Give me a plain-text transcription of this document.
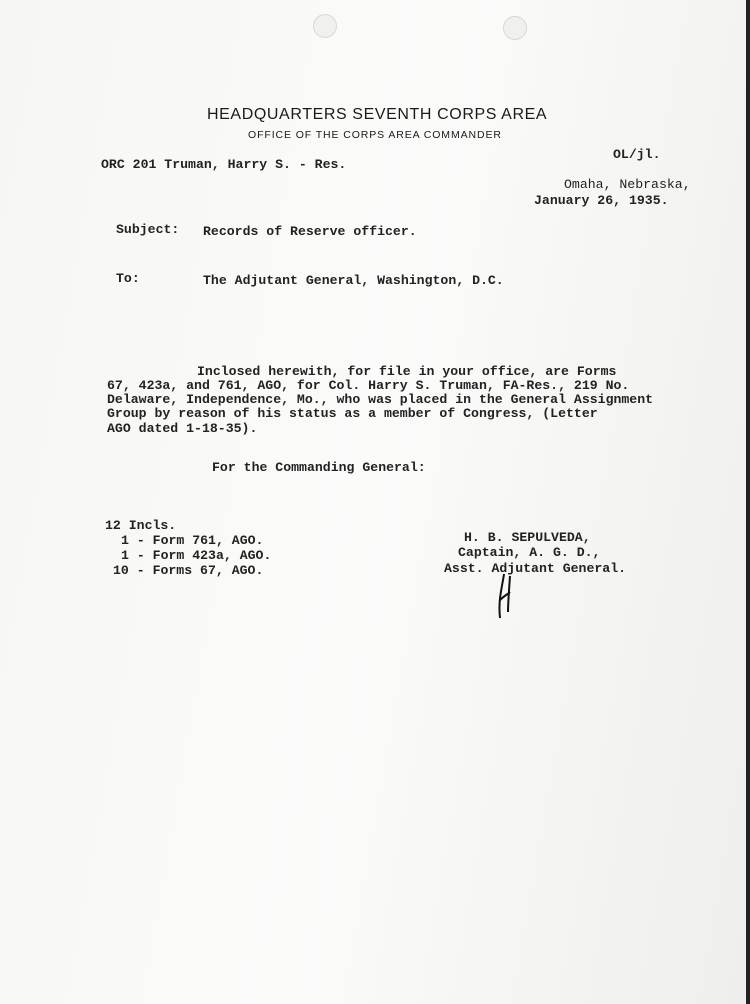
HEADQUARTERS SEVENTH CORPS AREA
OFFICE OF THE CORPS AREA COMMANDER
ORC 201 Truman, Harry S. - Res.
OL/jl.
Omaha, Nebraska,
January 26, 1935.
Subject: Records of Reserve officer.
To:	The Adjutant General, Washington, D.C.
Inclosed herewith, for file in your office, are Forms
67, 423a, and 761, AGO, for Col. Harry S. Truman, FA-Res., 219 No.
Delaware, Independence, Mo., who was placed in the General Assignment
Group by reason of his status as a member of Congress, (Letter
AGO dated 1-18-35).
For the Commanding General:
12 Incls.
1 - Form 761, AGO.
1 - Form 423a, AGO.
10 - Forms 67, AGO.
H. B. SEPULVEDA,
Captain, A. G. D.,
Asst. Adjutant General.
